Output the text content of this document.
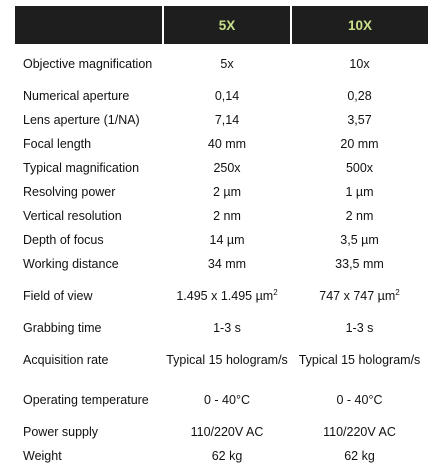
	5X	10X
Objective magnification	5x	10x
Numerical aperture	0,14	0,28
Lens aperture (1/NA)	7,14	3,57
Focal length	40 mm	20 mm
Typical magnification	250x	500x
Resolving power	2 µm	1 µm
Vertical resolution	2 nm	2 nm
Depth of focus	14 µm	3,5 µm
Working distance	34 mm	33,5 mm
Field of view	1.495 x 1.495 µm$^2$	747 x 747 µm$^2$
Grabbing time	1-3 s	1-3 s
Acquisition rate	Typical 15 hologram/s	Typical 15 hologram/s
Operating temperature	0 - 40°C	0 - 40°C
Power supply	110/220V AC	110/220V AC
Weight	62 kg	62 kg
